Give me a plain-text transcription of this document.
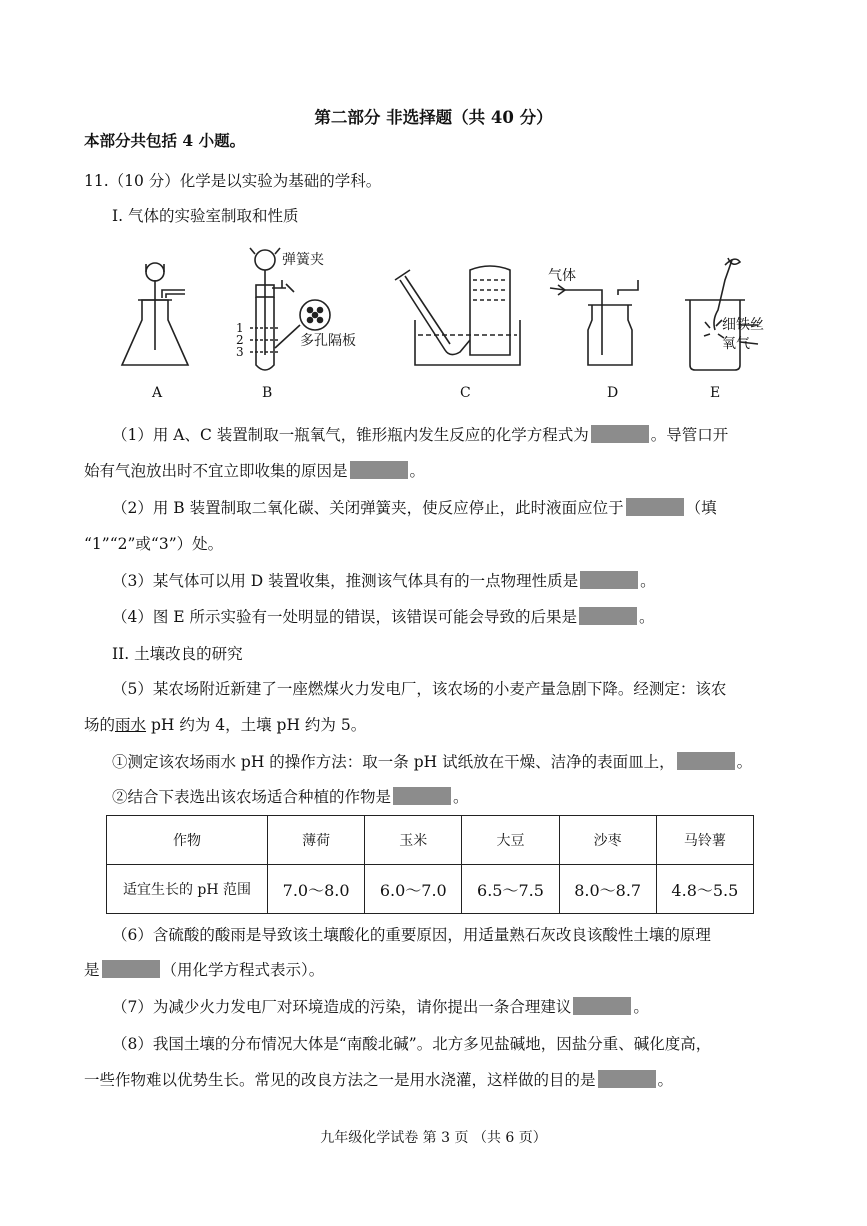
第二部分 非选择题（共 40 分）
本部分共包括 4 小题。
11.（10 分）化学是以实验为基础的学科。
I. 气体的实验室制取和性质
A	B	C	D	E
弹簧夹
多孔隔板
气体
细铁丝
氧气
1
2
3
（1）用 A、C 装置制取一瓶氧气，锥形瓶内发生反应的化学方程式为	。导管口开
始有气泡放出时不宜立即收集的原因是	。
（2）用 B 装置制取二氧化碳、关闭弹簧夹，使反应停止，此时液面应位于	（填
“1”“2”或“3”）处。
（3）某气体可以用 D 装置收集，推测该气体具有的一点物理性质是	。
（4）图 E 所示实验有一处明显的错误，该错误可能会导致的后果是	。
II. 土壤改良的研究
（5）某农场附近新建了一座燃煤火力发电厂，该农场的小麦产量急剧下降。经测定：该农
场的雨水 pH 约为 4，土壤 pH 约为 5。
①测定该农场雨水 pH 的操作方法：取一条 pH 试纸放在干燥、洁净的表面皿上，	。
②结合下表选出该农场适合种植的作物是	。
作物	薄荷	玉米	大豆	沙枣	马铃薯
适宜生长的 pH 范围	7.0～8.0	6.0～7.0	6.5～7.5	8.0～8.7	4.8～5.5
（6）含硫酸的酸雨是导致该土壤酸化的重要原因，用适量熟石灰改良该酸性土壤的原理
是	（用化学方程式表示）。
（7）为减少火力发电厂对环境造成的污染，请你提出一条合理建议	。
（8）我国土壤的分布情况大体是“南酸北碱”。北方多见盐碱地，因盐分重、碱化度高，
一些作物难以优势生长。常见的改良方法之一是用水浇灌，这样做的目的是	。
九年级化学试卷 第 3 页 （共 6 页）
